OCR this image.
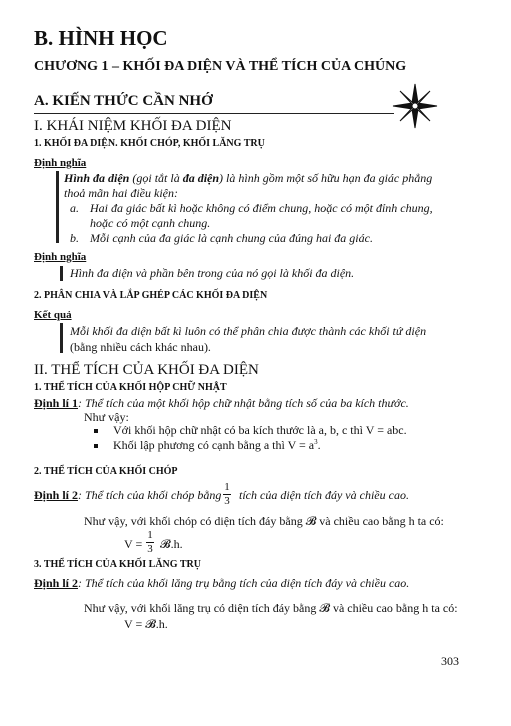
B. HÌNH HỌC
CHƯƠNG 1 – KHỐI ĐA DIỆN VÀ THỂ TÍCH CỦA CHÚNG
A. KIẾN THỨC CẦN NHỚ
I. KHÁI NIỆM KHỐI ĐA DIỆN
1. KHỐI ĐA DIỆN. KHỐI CHÓP, KHỐI LĂNG TRỤ
Định nghĩa
Hình đa diện (gọi tắt là đa diện) là hình gồm một số hữu hạn đa giác phẳng
thoả mãn hai điều kiện:
a. Hai đa giác bất kì hoặc không có điểm chung, hoặc có một đỉnh chung,
hoặc có một cạnh chung.
b. Mỗi cạnh của đa giác là cạnh chung của đúng hai đa giác.
Định nghĩa
Hình đa diện và phần bên trong của nó gọi là khối đa diện.
2. PHÂN CHIA VÀ LẮP GHÉP CÁC KHỐI ĐA DIỆN
Kết quả
Mỗi khối đa diện bất kì luôn có thể phân chia được thành các khối tứ diện
(bằng nhiều cách khác nhau).
II. THỂ TÍCH CỦA KHỐI ĐA DIỆN
1. THỂ TÍCH CỦA KHỐI HỘP CHỮ NHẬT
Định lí 1: Thể tích của một khối hộp chữ nhật bằng tích số của ba kích thước.
Như vậy:
Với khối hộp chữ nhật có ba kích thước là a, b, c thì V = abc.
Khối lập phương có cạnh bằng a thì $V = a^3$.
2. THỂ TÍCH CỦA KHỐI CHÓP
Định lí 2: Thể tích của khối chóp bằng
1
3 tích của diện tích đáy và chiều cao.
Như vậy, với khối chóp có diện tích đáy bằng 𝓑 và chiều cao bằng h ta có:
V =
1
3 𝓑.h.
3. THỂ TÍCH CỦA KHỐI LĂNG TRỤ
Định lí 2: Thể tích của khối lăng trụ bằng tích của diện tích đáy và chiều cao.
Như vậy, với khối lăng trụ có diện tích đáy bằng 𝓑 và chiều cao bằng h ta có:
V = 𝓑.h.
303
